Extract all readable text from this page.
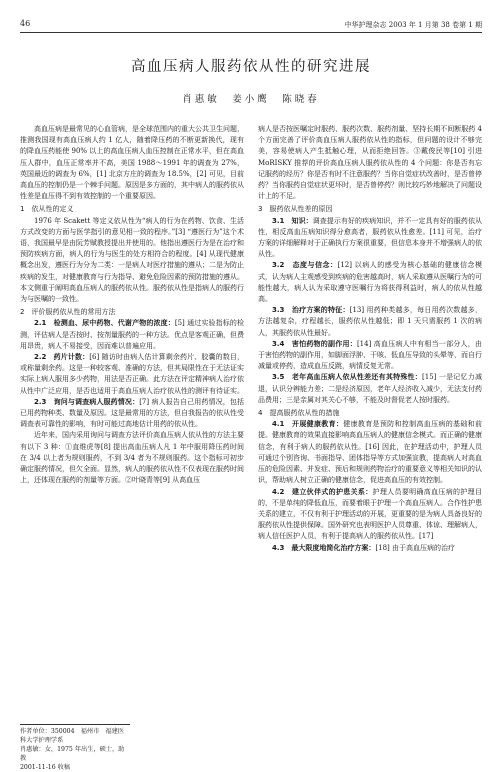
46	中华护理杂志 2003 年 1 月第 38 卷第 1 期
高血压病人服药依从性的研究进展
肖惠敏　姜小鹰　陈晓春

高血压病是最常见的心血管病，是全球范围内的重大公共卫生问题，推测我国现有高血压病人约 1 亿人，随着降压药的不断更新换代，现有的降血压药能使 90% 以上的高血压病人血压控制在正常水平，但在高血压人群中，血压正常率并不高，美国 1988～1991 年的调查为 27%，英国最近的调查为 6%，[1] 北京方庄的调查为 18.5%，[2] 可见，目前高血压的控制仍是一个棘手问题。原因是多方面的，其中病人的服药依从性差是血压得不到有效控制的一个重要原因。

1　依从性的定义

1976 年 Scakett 等定义依从性为“病人的行为在药物、饮食、生活方式改变的方面与医学指引的意见相一致的程序。”[3] “遵医行为”这个术语，我国最早是由阮芳赋教授提出并使用的。他指出遵医行为是在治疗和预防疾病方面，病人的行为与医生的处方相符合的程度。[4] 从现代健康概念出发，遵医行为分为二类：一是病人对医疗措施的遵从；二是为防止疾病的发生，对健康教育与行为指导、避免危险因素的预防措施的遵从。本文侧重于阐明高血压病人的服药依从性。服药依从性是指病人的服药行为与医嘱的一致性。

2　评价服药依从性的常用方法

2.1　检测血、尿中药物、代谢产物的浓度：[5] 通过实验指标的检测，评估病人是否按时、按剂量服药的一种方法。优点是客观正确，但费用昂贵，病人不易接受，因而难以普遍应用。

2.2　药片计数：[6] 随访时由病人估计算剩余药片、胶囊的数目，或称量剩余药。这是一种较客观、准确的方法，但其局限性在于无法证实实际上病人服用多少药物，用法是否正确。此方法在评定精神病人治疗依从性中广泛应用，是否也适用于高血压病人治疗依从性的测评有待证实。

2.3　询问与调查病人服药情况：[7] 病人报告自己用药情况，包括已用药物种类、数量及原因。这是最常用的方法，但自我报告的依从性受调查表可靠性的影响，有时可能过高地估计用药的依从性。

近年来，国内采用询问与调查方法评价高血压病人依从性的方法主要有以下 3 种：①直维虎等[8] 提出高血压病人凡 1 年中服用降压药时间在 3/4 以上者为规则服药，不到 3/4 者为不规则服药。这个指标可初步确定服药情况，但欠全面。显然，病人的服药依从性不仅表现在服药时间上，还体现在服药的剂量等方面。②叶晓青等[9] 从高血压

病人是否按医嘱定时服药、服药次数、服药剂量、坚持长期不间断服药 4 个方面完善了评价高血压病人服药依从性的指标，但问题的设计不够完美，容易使病人产生抵触心理，从而拒绝回答。③戴俊民等[10] 引进 MoRISKY 推荐的评价高血压病人服药依从性的 4 个问题：你是否有忘记服药的经历？你是否有时不注意服药？当你自觉症状改善时，是否曾停药？当你服药自觉症状更坏时，是否曾停药？则比较巧妙地解决了问题设计上的不足。

3　服药依从性差的原因

3.1　知识：调查提示有好的疾病知识，并不一定具有好的服药依从性，相反高血压病知识得分愈高者，服药依从性愈差。[11] 可见，治疗方案的详细解释对于正确执行方案很重要，但信息本身并不增强病人的依从性。

3.2　态度与信念：[12] 以病人的感受为核心基础的健康信念模式，认为病人主观感受到疾病的危害越高时，病人采取遵从医嘱行为的可能性越大，病人认为采取遵守医嘱行为将获得利益时，病人的依从性越高。

3.3　治疗方案的特征：[13] 用药种类越多，每日用药次数越多，方法越复杂，疗程越长，服药依从性越低；即 1 天只需服药 1 次的病人，其服药依从性最好。

3.4　害怕药物的副作用：[14] 高血压病人中有相当一部分人，由于害怕药物的副作用，如脚面浮肿、干咳、低血压导致的头晕等，而自行减量或停药，造成血压反跳，病情反复无常。

3.5　老年高血压病人依从性差还有其特殊性：[15] 一是记忆力减退，认识分辨能力差；二是经济原因，老年人经济收入减少，无法支付药品费用；三是亲属对其关心不够，不能及时督促老人按时服药。

4　提高服药依从性的措施

4.1　开展健康教育：健康教育是预防和控制高血压病的基础和前提。健康教育的效果直接影响高血压病人的健康信念模式。而正确的健康信念，有利于病人的服药依从性。[16] 因此，在护理活动中，护理人员可通过个别咨询、书面指导、团体指导等方式加强宣教，提高病人对高血压的危险因素、并发症、预后和规则药物治疗的重要意义等相关知识的认识，帮助病人树立正确的健康信念，促进高血压的有效控制。

4.2　建立伙伴式的护患关系：护理人员要明确高血压病的护理目的，不是单纯的降低血压，而要着眼于护理一个高血压病人。合作性护患关系的建立，不仅有利于护理活动的开展，更重要的是为病人具备良好的服药依从性提供保障。国外研究也表明医护人员尊重、体谅、理解病人，病人信任医护人员，有利于提高病人的服药依从性。[17]

4.3　最大限度地简化治疗方案：[18] 由于高血压病的治疗

作者单位：350004　福州市　福建医科大学护理学系
肖惠敏：女，1975 年出生，硕士，助教
2001-11-16 收稿
